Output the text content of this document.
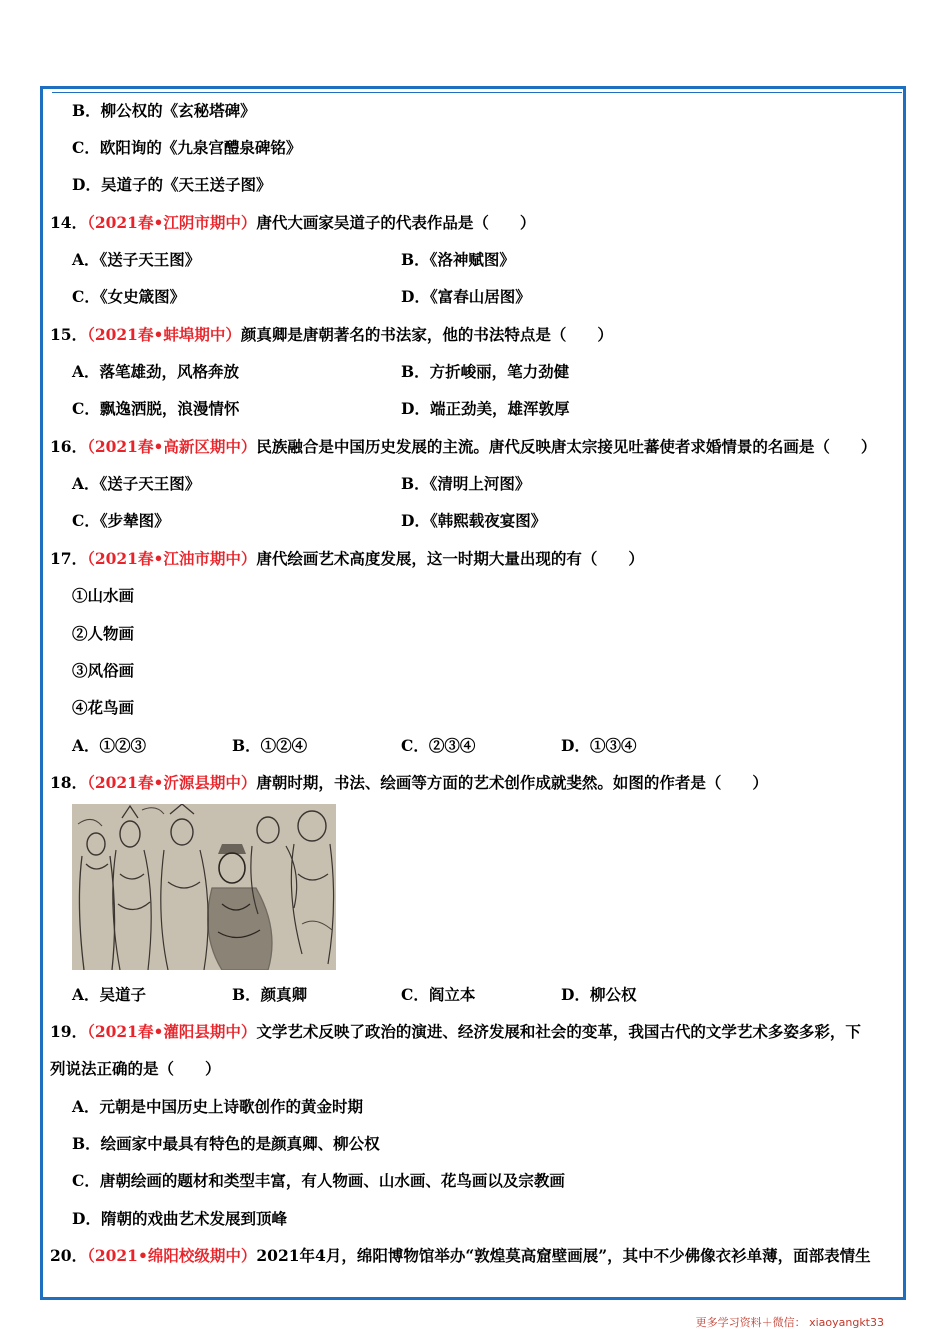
B．柳公权的《玄秘塔碑》
C．欧阳询的《九泉宫醴泉碑铭》
D．吴道子的《天王送子图》
14．（2021春•江阴市期中）唐代大画家吴道子的代表作品是（　　）
A．《送子天王图》	B．《洛神赋图》
C．《女史箴图》	D．《富春山居图》
15．（2021春•蚌埠期中）颜真卿是唐朝著名的书法家，他的书法特点是（　　）
A．落笔雄劲，风格奔放	B．方折峻丽，笔力劲健
C．飘逸洒脱，浪漫情怀	D．端正劲美，雄浑敦厚
16．（2021春•高新区期中）民族融合是中国历史发展的主流。唐代反映唐太宗接见吐蕃使者求婚情景的名画是（　　）
A．《送子天王图》	B．《清明上河图》
C．《步辇图》	D．《韩熙载夜宴图》
17．（2021春•江油市期中）唐代绘画艺术高度发展，这一时期大量出现的有（　　）
①山水画
②人物画
③风俗画
④花鸟画
A．①②③	B．①②④	C．②③④	D．①③④
18．（2021春•沂源县期中）唐朝时期，书法、绘画等方面的艺术创作成就斐然。如图的作者是（　　）
A．吴道子	B．颜真卿	C．阎立本	D．柳公权
19．（2021春•灌阳县期中）文学艺术反映了政治的演进、经济发展和社会的变革，我国古代的文学艺术多姿多彩，下
列说法正确的是（　　）
A．元朝是中国历史上诗歌创作的黄金时期
B．绘画家中最具有特色的是颜真卿、柳公权
C．唐朝绘画的题材和类型丰富，有人物画、山水画、花鸟画以及宗教画
D．隋朝的戏曲艺术发展到顶峰
20．（2021•绵阳校级期中）2021年4月，绵阳博物馆举办“敦煌莫高窟壁画展”，其中不少佛像衣衫单薄，面部表情生
更多学习资料＋微信： xiaoyangkt33
